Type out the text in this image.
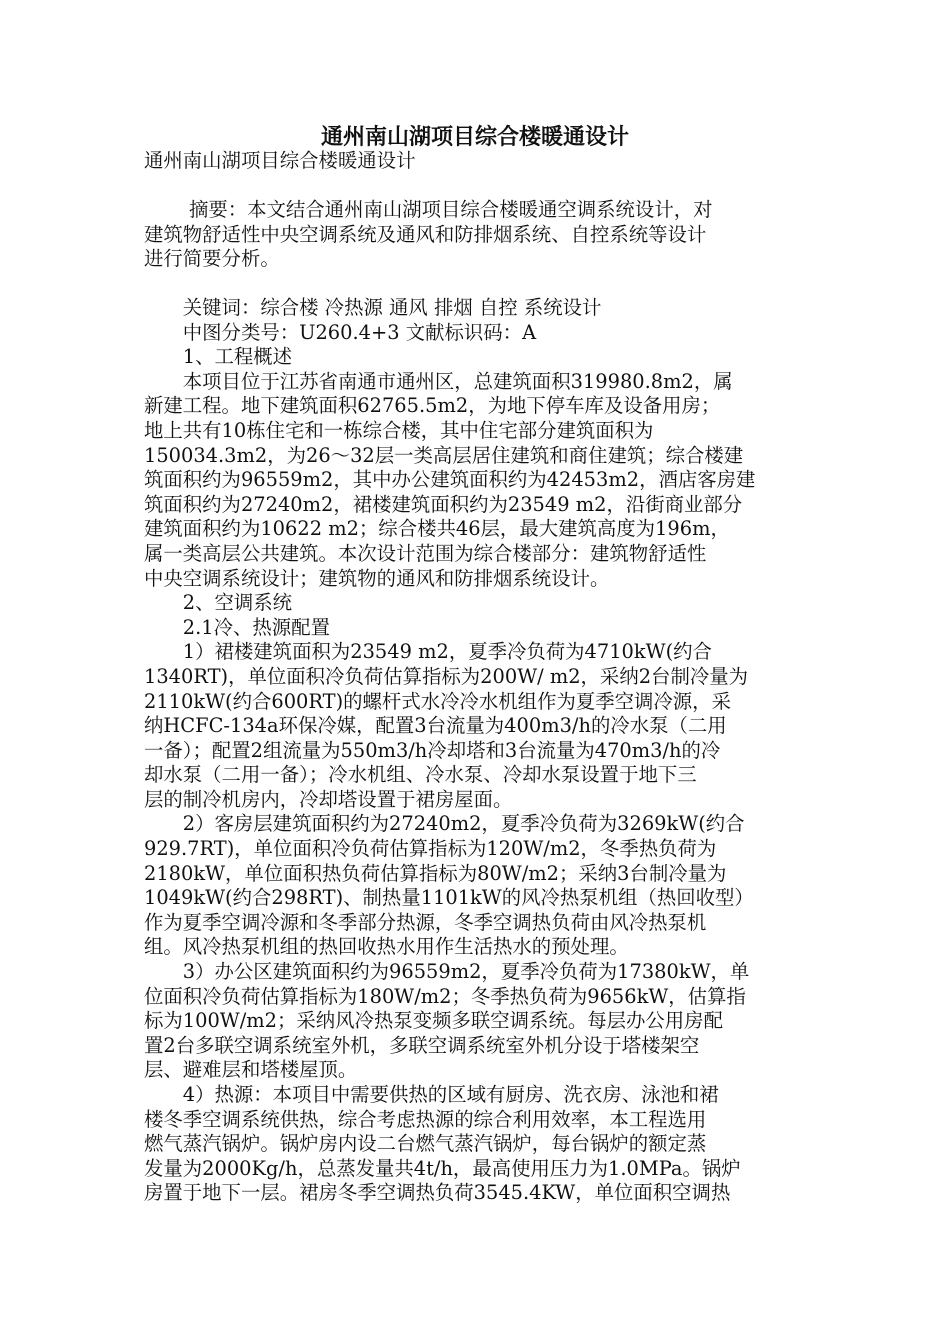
通州南山湖项目综合楼暖通设计
通州南山湖项目综合楼暖通设计
　　 摘要：本文结合通州南山湖项目综合楼暖通空调系统设计，对
建筑物舒适性中央空调系统及通风和防排烟系统、自控系统等设计
进行简要分析。
　　关键词：综合楼 冷热源 通风 排烟 自控 系统设计
　　中图分类号：U260.4+3 文献标识码：A
　　1、工程概述
　　本项目位于江苏省南通市通州区，总建筑面积319980.8m2，属
新建工程。地下建筑面积62765.5m2，为地下停车库及设备用房；
地上共有10栋住宅和一栋综合楼，其中住宅部分建筑面积为
150034.3m2，为26～32层一类高层居住建筑和商住建筑；综合楼建
筑面积约为96559m2，其中办公建筑面积约为42453m2，酒店客房建
筑面积约为27240m2，裙楼建筑面积约为23549 m2，沿街商业部分
建筑面积约为10622 m2；综合楼共46层，最大建筑高度为196m，
属一类高层公共建筑。本次设计范围为综合楼部分：建筑物舒适性
中央空调系统设计；建筑物的通风和防排烟系统设计。
　　2、空调系统
　　2.1冷、热源配置
　　1）裙楼建筑面积为23549 m2，夏季冷负荷为4710kW(约合
1340RT)，单位面积冷负荷估算指标为200W/ m2，采纳2台制冷量为
2110kW(约合600RT)的螺杆式水冷冷水机组作为夏季空调冷源，采
纳HCFC-134a环保冷媒，配置3台流量为400m3/h的冷水泵（二用
一备）；配置2组流量为550m3/h冷却塔和3台流量为470m3/h的冷
却水泵（二用一备）；冷水机组、冷水泵、冷却水泵设置于地下三
层的制冷机房内，冷却塔设置于裙房屋面。
　　2）客房层建筑面积约为27240m2，夏季冷负荷为3269kW(约合
929.7RT)，单位面积冷负荷估算指标为120W/m2，冬季热负荷为
2180kW，单位面积热负荷估算指标为80W/m2；采纳3台制冷量为
1049kW(约合298RT)、制热量1101kW的风冷热泵机组（热回收型）
作为夏季空调冷源和冬季部分热源，冬季空调热负荷由风冷热泵机
组。风冷热泵机组的热回收热水用作生活热水的预处理。
　　3）办公区建筑面积约为96559m2，夏季冷负荷为17380kW，单
位面积冷负荷估算指标为180W/m2；冬季热负荷为9656kW，估算指
标为100W/m2；采纳风冷热泵变频多联空调系统。每层办公用房配
置2台多联空调系统室外机，多联空调系统室外机分设于塔楼架空
层、避难层和塔楼屋顶。
　　4）热源：本项目中需要供热的区域有厨房、洗衣房、泳池和裙
楼冬季空调系统供热，综合考虑热源的综合利用效率，本工程选用
燃气蒸汽锅炉。锅炉房内设二台燃气蒸汽锅炉，每台锅炉的额定蒸
发量为2000Kg/h，总蒸发量共4t/h，最高使用压力为1.0MPa。锅炉
房置于地下一层。裙房冬季空调热负荷3545.4KW，单位面积空调热
